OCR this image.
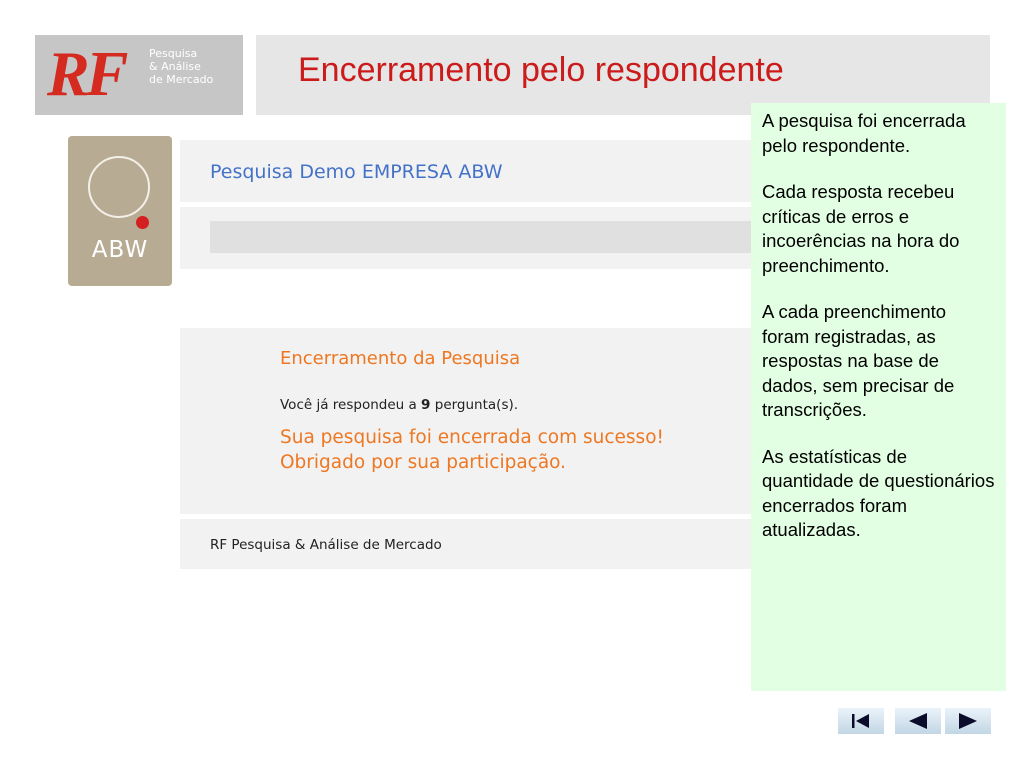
RF Pesquisa
& Análise
de Mercado Encerramento pelo respondente
ABW
Pesquisa Demo EMPRESA ABW
Encerramento da Pesquisa
Você já respondeu a 9 pergunta(s).
Sua pesquisa foi encerrada com sucesso!
Obrigado por sua participação.
RF Pesquisa & Análise de Mercado

A pesquisa foi encerrada pelo respondente.

Cada resposta recebeu críticas de erros e incoerências na hora do preenchimento.

A cada preenchimento foram registradas, as respostas na base de dados, sem precisar de transcrições.

As estatísticas de quantidade de questionários encerrados foram atualizadas.
